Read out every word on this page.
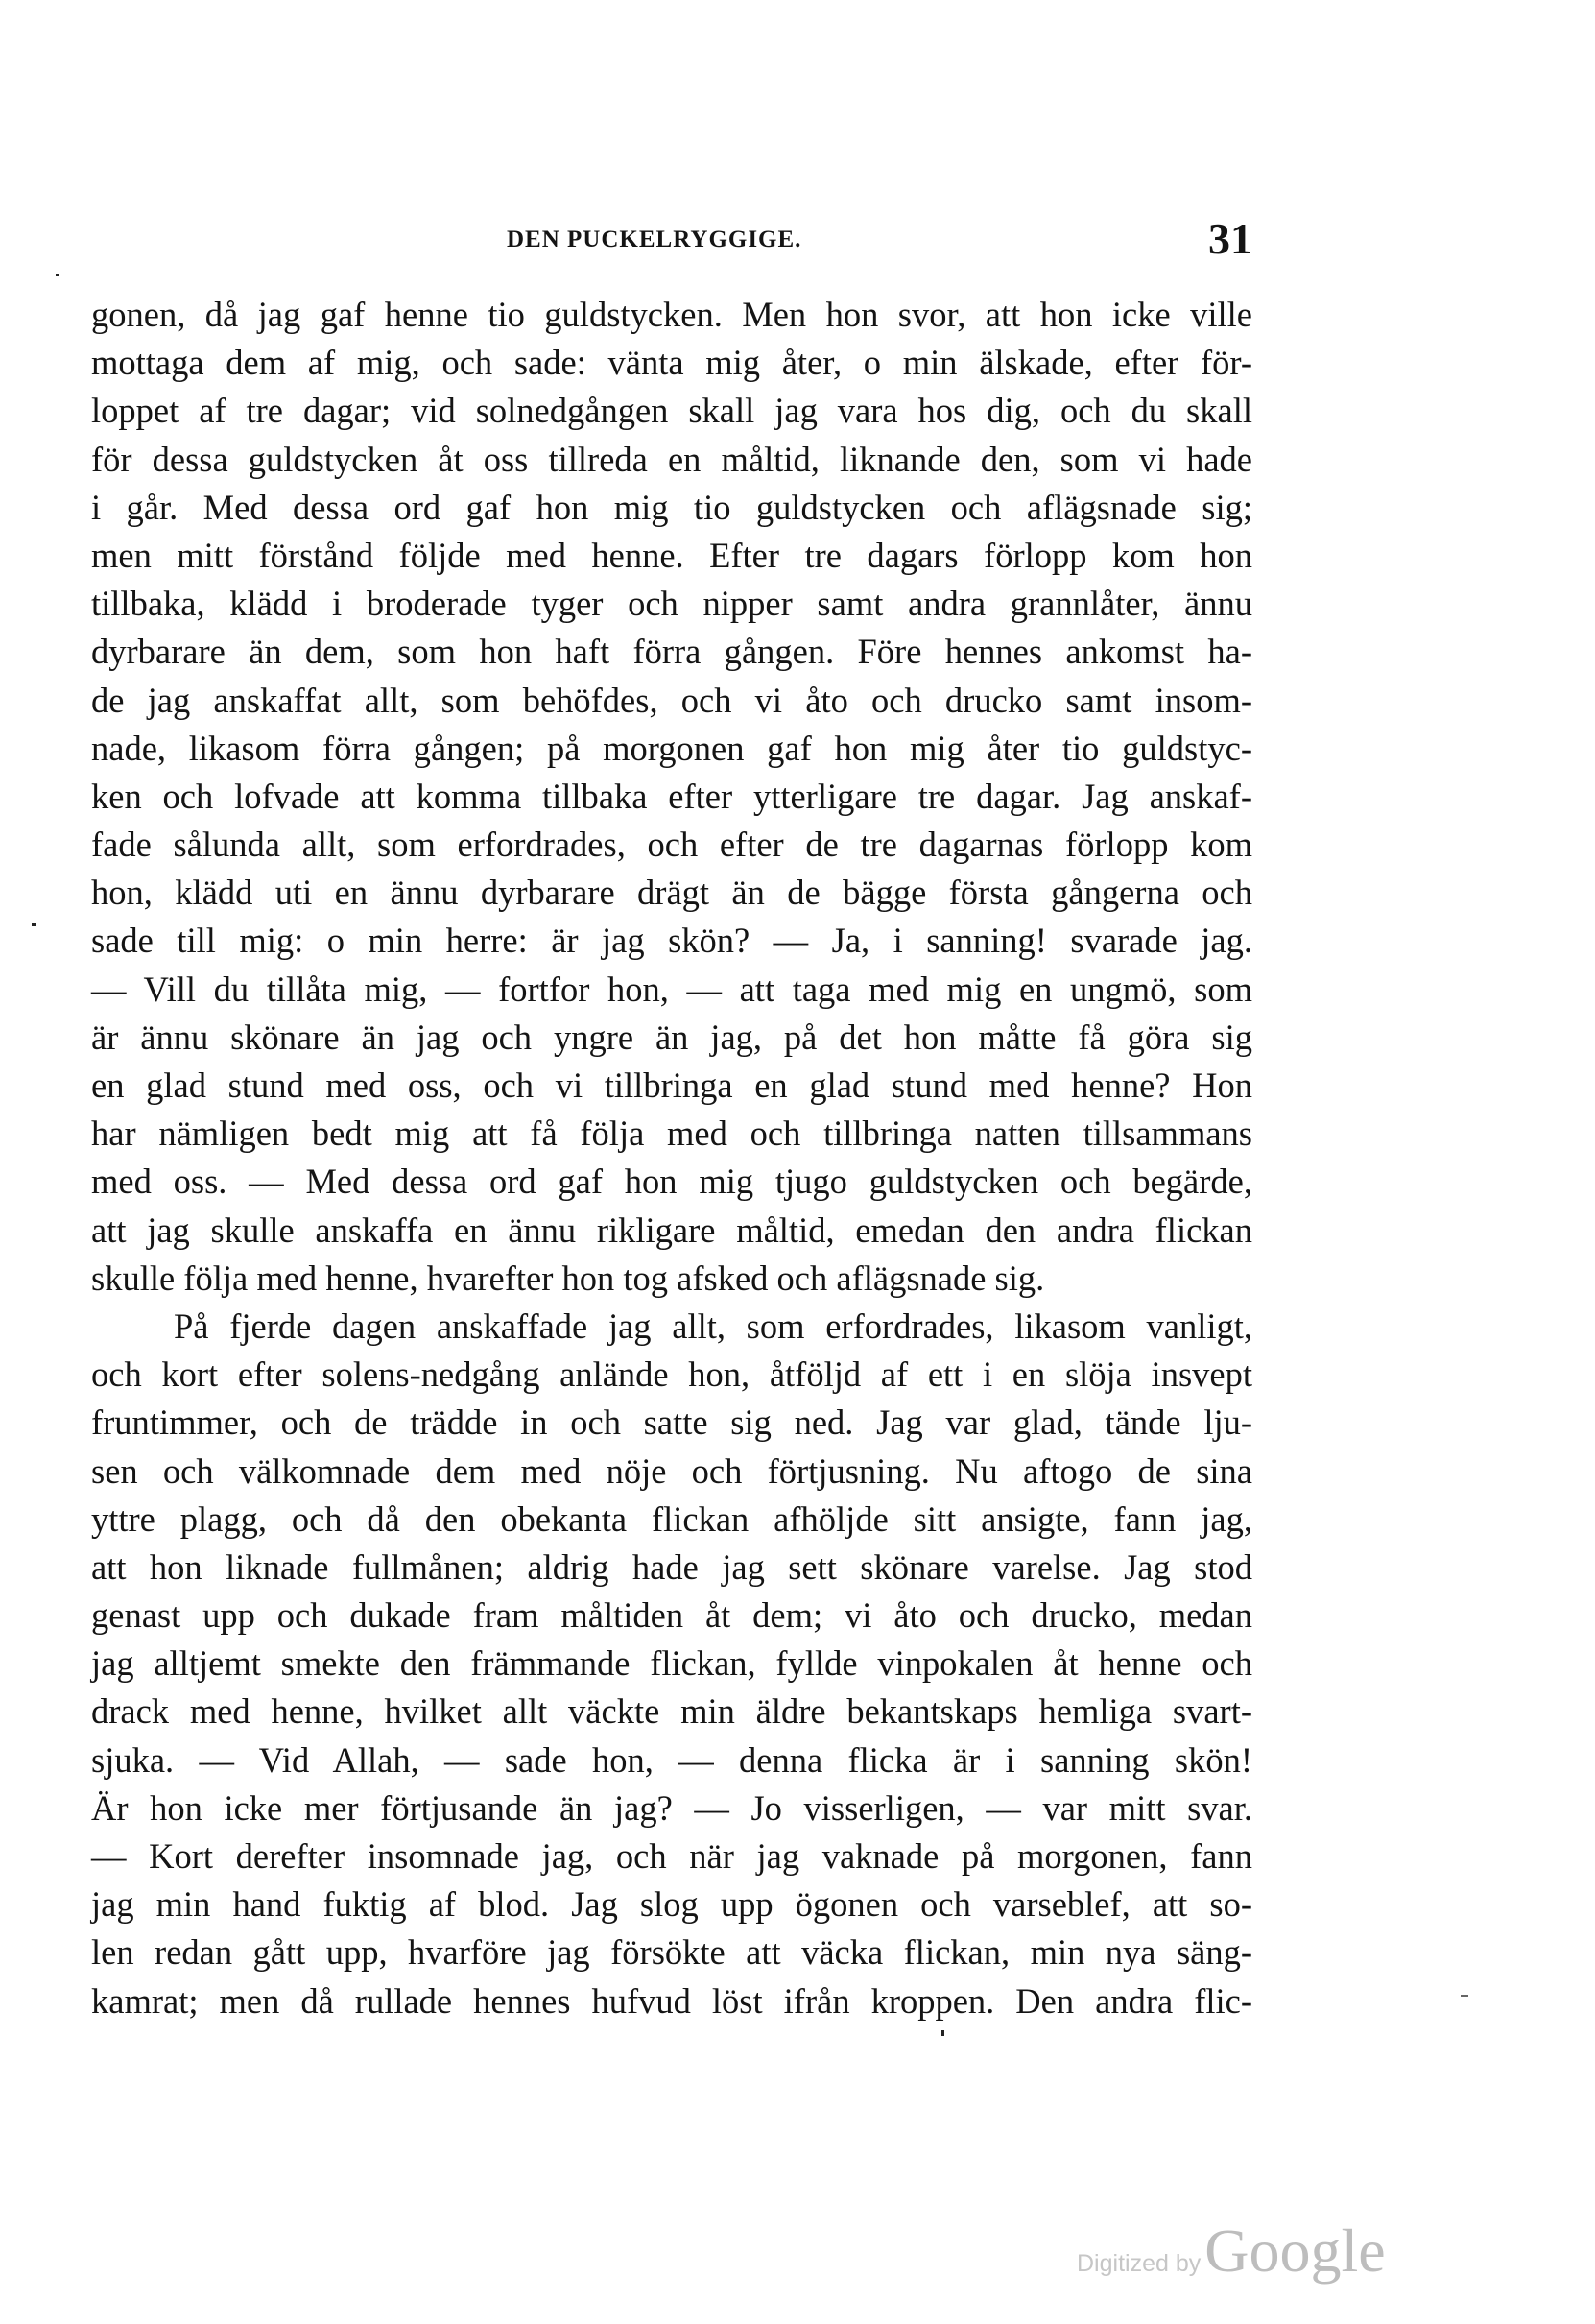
DEN PUCKELRYGGIGE.	31
gonen, då jag gaf henne tio guldstycken. Men hon svor, att hon icke ville
mottaga dem af mig, och sade: vänta mig åter, o min älskade, efter för-
loppet af tre dagar; vid solnedgången skall jag vara hos dig, och du skall
för dessa guldstycken åt oss tillreda en måltid, liknande den, som vi hade
i går. Med dessa ord gaf hon mig tio guldstycken och aflägsnade sig;
men mitt förstånd följde med henne. Efter tre dagars förlopp kom hon
tillbaka, klädd i broderade tyger och nipper samt andra grannlåter, ännu
dyrbarare än dem, som hon haft förra gången. Före hennes ankomst ha-
de jag anskaffat allt, som behöfdes, och vi åto och drucko samt insom-
nade, likasom förra gången; på morgonen gaf hon mig åter tio guldstyc-
ken och lofvade att komma tillbaka efter ytterligare tre dagar. Jag anskaf-
fade sålunda allt, som erfordrades, och efter de tre dagarnas förlopp kom
hon, klädd uti en ännu dyrbarare drägt än de bägge första gångerna och
sade till mig: o min herre: är jag skön? — Ja, i sanning! svarade jag.
— Vill du tillåta mig, — fortfor hon, — att taga med mig en ungmö, som
är ännu skönare än jag och yngre än jag, på det hon måtte få göra sig
en glad stund med oss, och vi tillbringa en glad stund med henne? Hon
har nämligen bedt mig att få följa med och tillbringa natten tillsammans
med oss. — Med dessa ord gaf hon mig tjugo guldstycken och begärde,
att jag skulle anskaffa en ännu rikligare måltid, emedan den andra flickan
skulle följa med henne, hvarefter hon tog afsked och aflägsnade sig.
På fjerde dagen anskaffade jag allt, som erfordrades, likasom vanligt,
och kort efter solens-nedgång anlände hon, åtföljd af ett i en slöja insvept
fruntimmer, och de trädde in och satte sig ned. Jag var glad, tände lju-
sen och välkomnade dem med nöje och förtjusning. Nu aftogo de sina
yttre plagg, och då den obekanta flickan afhöljde sitt ansigte, fann jag,
att hon liknade fullmånen; aldrig hade jag sett skönare varelse. Jag stod
genast upp och dukade fram måltiden åt dem; vi åto och drucko, medan
jag alltjemt smekte den främmande flickan, fyllde vinpokalen åt henne och
drack med henne, hvilket allt väckte min äldre bekantskaps hemliga svart-
sjuka. — Vid Allah, — sade hon, — denna flicka är i sanning skön!
Är hon icke mer förtjusande än jag? — Jo visserligen, — var mitt svar.
— Kort derefter insomnade jag, och när jag vaknade på morgonen, fann
jag min hand fuktig af blod. Jag slog upp ögonen och varseblef, att so-
len redan gått upp, hvarföre jag försökte att väcka flickan, min nya säng-
kamrat; men då rullade hennes hufvud löst ifrån kroppen. Den andra flic-
Digitized by Google
